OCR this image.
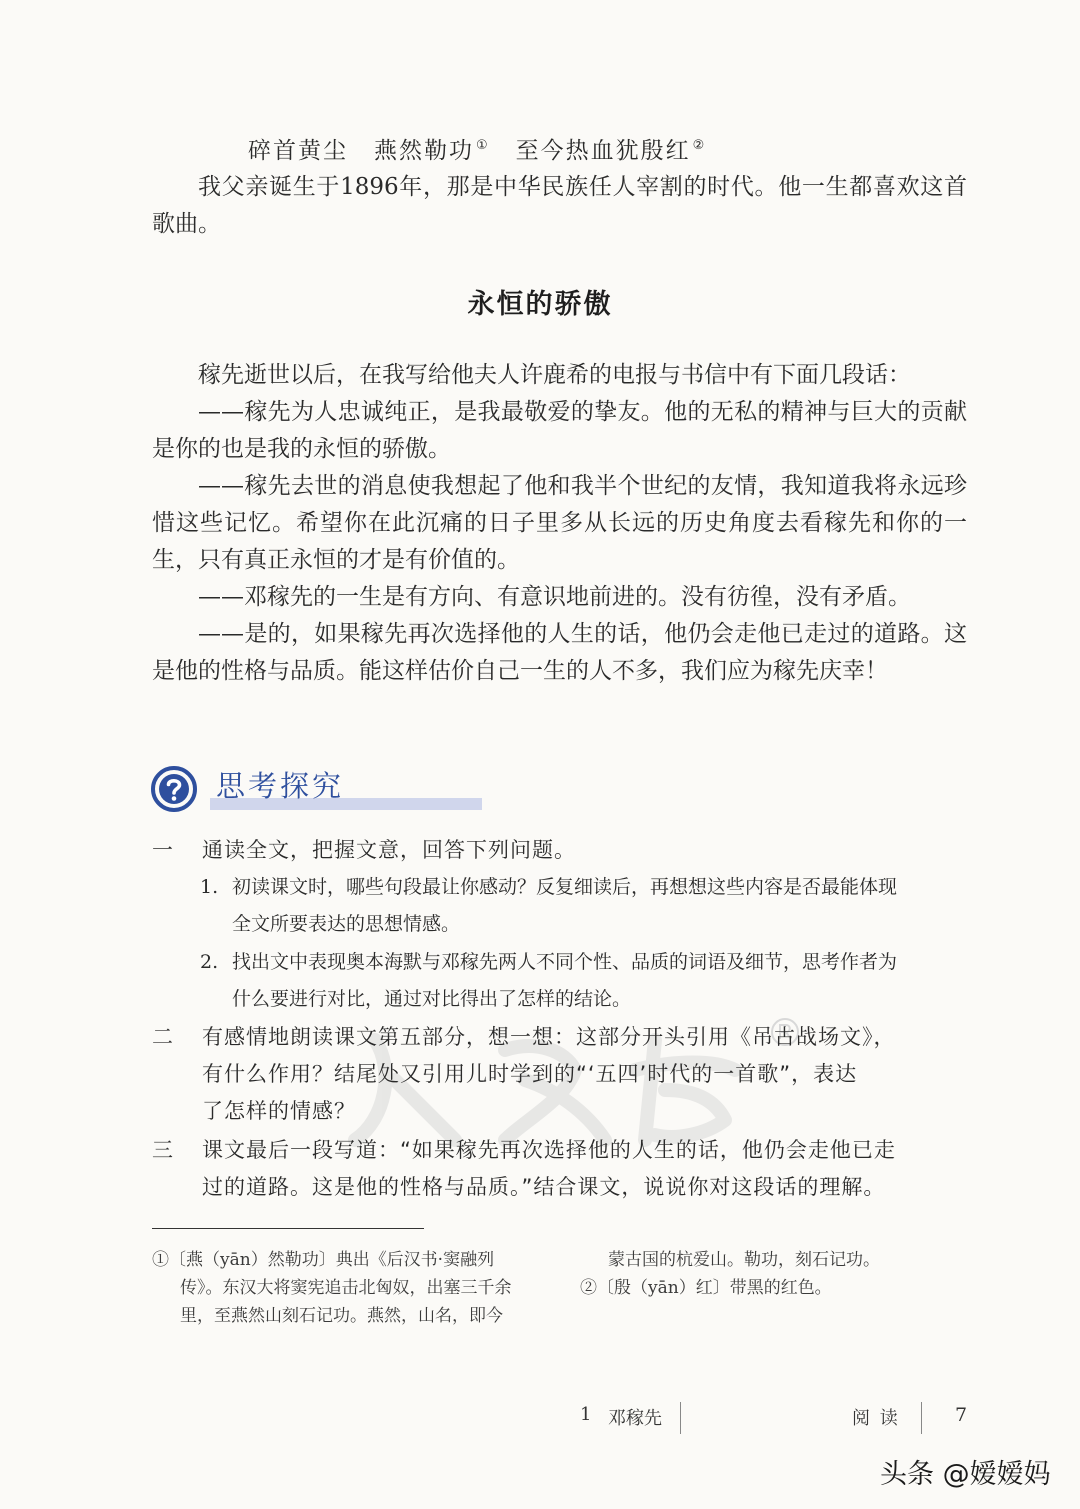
碎首黄尘 燕然勒功 ① 至今热血犹殷红 ②

我父亲诞生于1896年，那是中华民族任人宰割的时代。他一生都喜欢这首歌曲。

永恒的骄傲

稼先逝世以后，在我写给他夫人许鹿希的电报与书信中有下面几段话：

——稼先为人忠诚纯正，是我最敬爱的挚友。他的无私的精神与巨大的贡献是你的也是我的永恒的骄傲。

——稼先去世的消息使我想起了他和我半个世纪的友情，我知道我将永远珍惜这些记忆。希望你在此沉痛的日子里多从长远的历史角度去看稼先和你的一生，只有真正永恒的才是有价值的。

——邓稼先的一生是有方向、有意识地前进的。没有彷徨，没有矛盾。

——是的，如果稼先再次选择他的人生的话，他仍会走他已走过的道路。这是他的性格与品质。能这样估价自己一生的人不多，我们应为稼先庆幸！

思考探究
一 通读全文，把握文意，回答下列问题。
1. 初读课文时，哪些句段最让你感动？反复细读后，再想想这些内容是否最能体现
全文所要表达的思想情感。
2. 找出文中表现奥本海默与邓稼先两人不同个性、品质的词语及细节，思考作者为
什么要进行对比，通过对比得出了怎样的结论。
二 有感情地朗读课文第五部分，想一想：这部分开头引用《吊古战场文》，
有什么作用？结尾处又引用儿时学到的“‘五四’时代的一首歌”，表达
了怎样的情感？
三 课文最后一段写道：“如果稼先再次选择他的人生的话，他仍会走他已走
过的道路。这是他的性格与品质。”结合课文，说说你对这段话的理解。
①〔燕（yān）然勒功〕典出《后汉书·窦融列
传》。东汉大将窦宪追击北匈奴，出塞三千余
里，至燕然山刻石记功。燕然，山名，即今
蒙古国的杭爱山。勒功，刻石记功。
②〔殷（yān）红〕带黑的红色。
1 邓稼先	阅 读	7
头条 @嫒嫒妈
